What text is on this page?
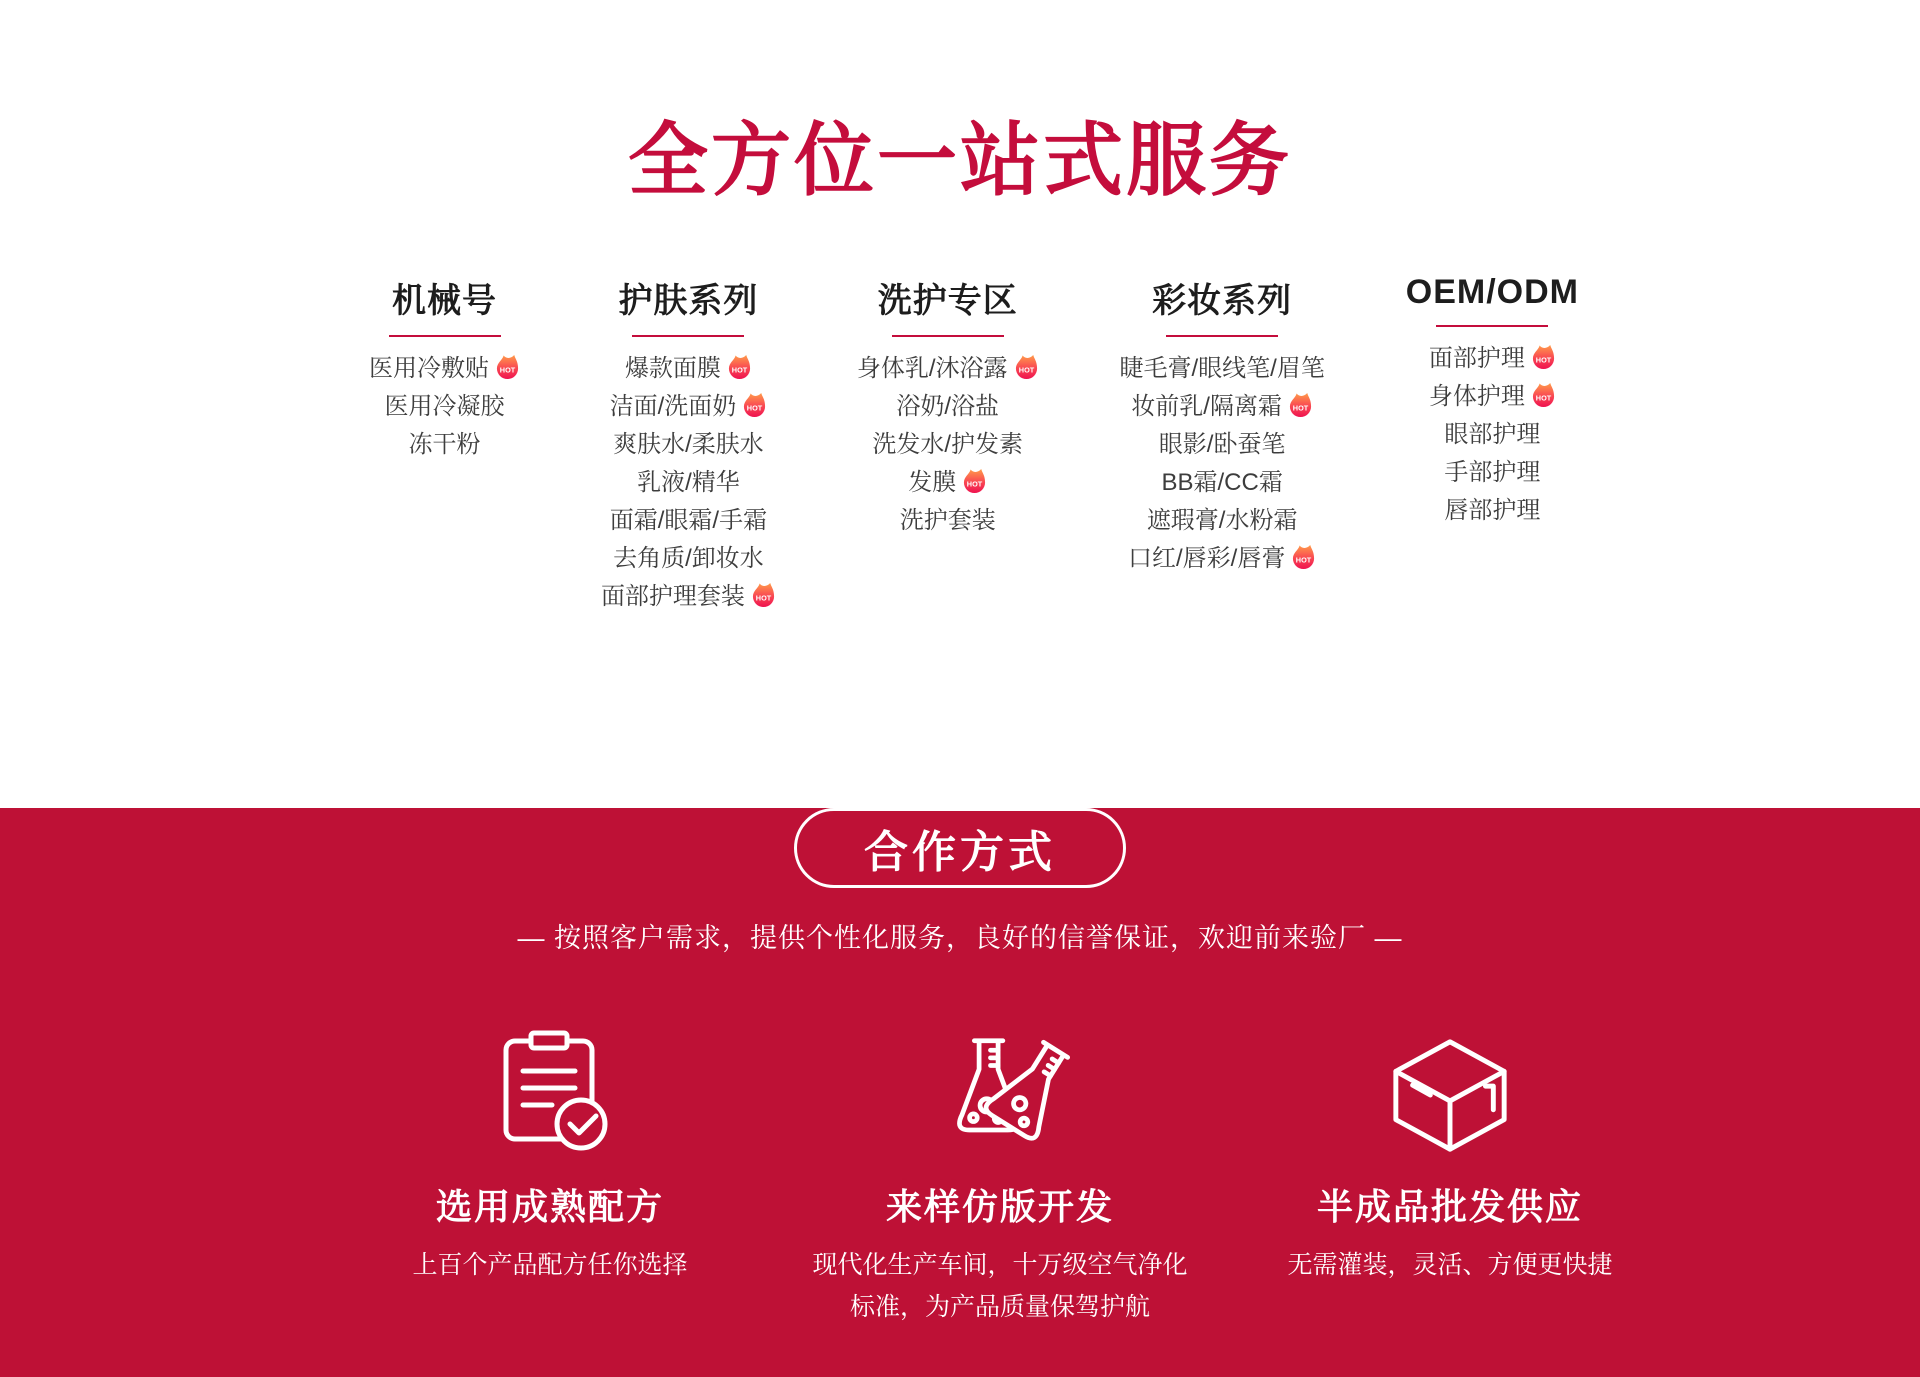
全方位一站式服务
机械号
医用冷敷贴 HOT
医用冷凝胶
冻干粉
护肤系列
爆款面膜 HOT
洁面/洗面奶 HOT
爽肤水/柔肤水
乳液/精华
面霜/眼霜/手霜
去角质/卸妆水
面部护理套装 HOT
洗护专区
身体乳/沐浴露 HOT
浴奶/浴盐
洗发水/护发素
发膜 HOT
洗护套装
彩妆系列
睫毛膏/眼线笔/眉笔
妆前乳/隔离霜 HOT
眼影/卧蚕笔
BB霜/CC霜
遮瑕膏/水粉霜
口红/唇彩/唇膏 HOT
OEM/ODM
面部护理 HOT
身体护理 HOT
眼部护理
手部护理
唇部护理
合作方式

— 按照客户需求，提供个性化服务，良好的信誉保证，欢迎前来验厂 —

选用成熟配方

上百个产品配方任你选择

来样仿版开发

现代化生产车间，十万级空气净化

标准，为产品质量保驾护航

半成品批发供应

无需灌装，灵活、方便更快捷
